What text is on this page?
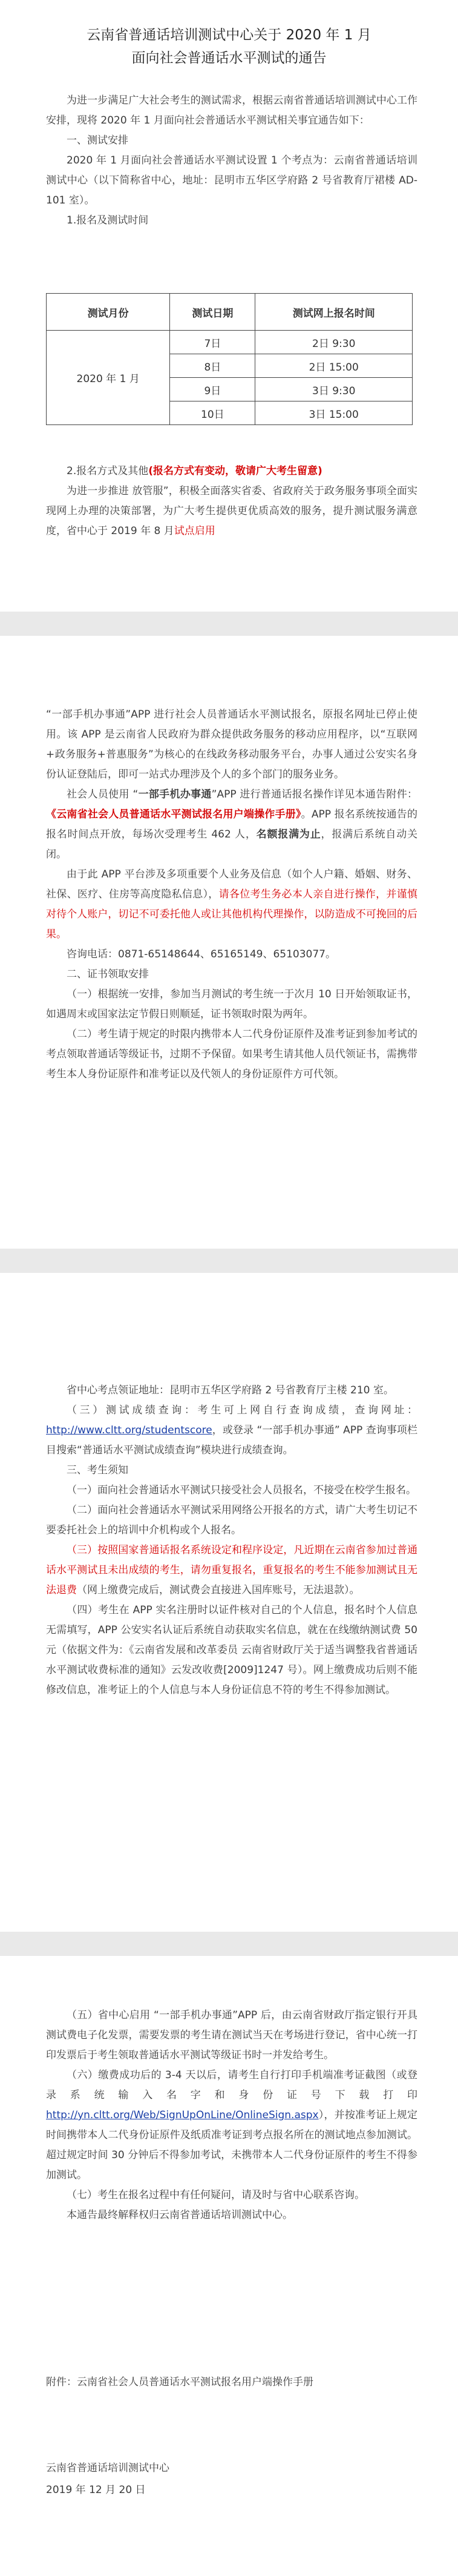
云南省普通话培训测试中心关于 2020 年 1 月
面向社会普通话水平测试的通告

为进一步满足广大社会考生的测试需求，根据云南省普通话培训测试中心工作安排，现将 2020 年 1 月面向社会普通话水平测试相关事宜通告如下：

一、测试安排

2020 年 1 月面向社会普通话水平测试设置 1 个考点为：云南省普通话培训测试中心（以下简称省中心，地址：昆明市五华区学府路 2 号省教育厅裙楼 AD- 101 室）。

1.报名及测试时间

测试月份	测试日期	测试网上报名时间
2020 年 1 月	7日	2日 9:30
	8日	2日 15:00
	9日	3日 9:30
	10日	3日 15:00

2.报名方式及其他(报名方式有变动，敬请广大考生留意)

为进一步推进 放管服”，积极全面落实省委、省政府关于政务服务事项全面实现网上办理的决策部署，为广大考生提供更优质高效的服务，提升测试服务满意度，省中心于 2019 年 8 月试点启用

“一部手机办事通”APP 进行社会人员普通话水平测试报名，原报名网址已停止使用。该 APP 是云南省人民政府为群众提供政务服务的移动应用程序，以“互联网+政务服务+普惠服务”为核心的在线政务移动服务平台，办事人通过公安实名身份认证登陆后，即可一站式办理涉及个人的多个部门的服务业务。

社会人员使用 “一部手机办事通”APP 进行普通话报名操作详见本通告附件：《云南省社会人员普通话水平测试报名用户端操作手册》。APP 报名系统按通告的报名时间点开放，每场次受理考生 462 人，名额报满为止，报满后系统自动关闭。

由于此 APP 平台涉及多项重要个人业务及信息（如个人户籍、婚姻、财务、社保、医疗、住房等高度隐私信息），请各位考生务必本人亲自进行操作，并谨慎对待个人账户，切记不可委托他人或让其他机构代理操作，以防造成不可挽回的后果。

咨询电话：0871-65148644、65165149、65103077。

二、证书领取安排

（一）根据统一安排，参加当月测试的考生统一于次月 10 日开始领取证书，如遇周末或国家法定节假日则顺延，证书领取时限为两年。

（二）考生请于规定的时限内携带本人二代身份证原件及准考证到参加考试的考点领取普通话等级证书，过期不予保留。如果考生请其他人员代领证书，需携带考生本人身份证原件和准考证以及代领人的身份证原件方可代领。

省中心考点领证地址：昆明市五华区学府路 2 号省教育厅主楼 210 室。

（三）测试成绩查询：考生可上网自行查询成绩，查询网址：http://www.cltt.org/studentscore，或登录 “一部手机办事通” APP 查询事项栏目搜索“普通话水平测试成绩查询”模块进行成绩查询。

三、考生须知

（一）面向社会普通话水平测试只接受社会人员报名，不接受在校学生报名。

（二）面向社会普通话水平测试采用网络公开报名的方式，请广大考生切记不要委托社会上的培训中介机构或个人报名。

（三）按照国家普通话报名系统设定和程序设定，凡近期在云南省参加过普通话水平测试且未出成绩的考生，请勿重复报名，重复报名的考生不能参加测试且无法退费（网上缴费完成后，测试费会直接进入国库账号，无法退款）。

（四）考生在 APP 实名注册时以证件核对自己的个人信息，报名时个人信息无需填写，APP 公安实名认证后系统自动获取实名信息，就在在线缴纳测试费 50 元（依据文件为：《云南省发展和改革委员 云南省财政厅关于适当调整我省普通话水平测试收费标准的通知》云发改收费[2009]1247 号）。网上缴费成功后则不能修改信息，准考证上的个人信息与本人身份证信息不符的考生不得参加测试。

（五）省中心启用 “一部手机办事通”APP 后，由云南省财政厅指定银行开具测试费电子化发票，需要发票的考生请在测试当天在考场进行登记，省中心统一打印发票后于考生领取普通话水平测试等级证书时一并发给考生。

（六）缴费成功后的 3-4 天以后，请考生自行打印手机端准考证截图（或登录系统输入名字和身份证号下载打印http://yn.cltt.org/Web/SignUpOnLine/OnlineSign.aspx），并按准考证上规定时间携带本人二代身份证原件及纸质准考证到考点报名所在的测试地点参加测试。超过规定时间 30 分钟后不得参加考试，未携带本人二代身份证原件的考生不得参加测试。

（七）考生在报名过程中有任何疑问，请及时与省中心联系咨询。

本通告最终解释权归云南省普通话培训测试中心。

附件：云南省社会人员普通话水平测试报名用户端操作手册
云南省普通话培训测试中心
2019 年 12 月 20 日
